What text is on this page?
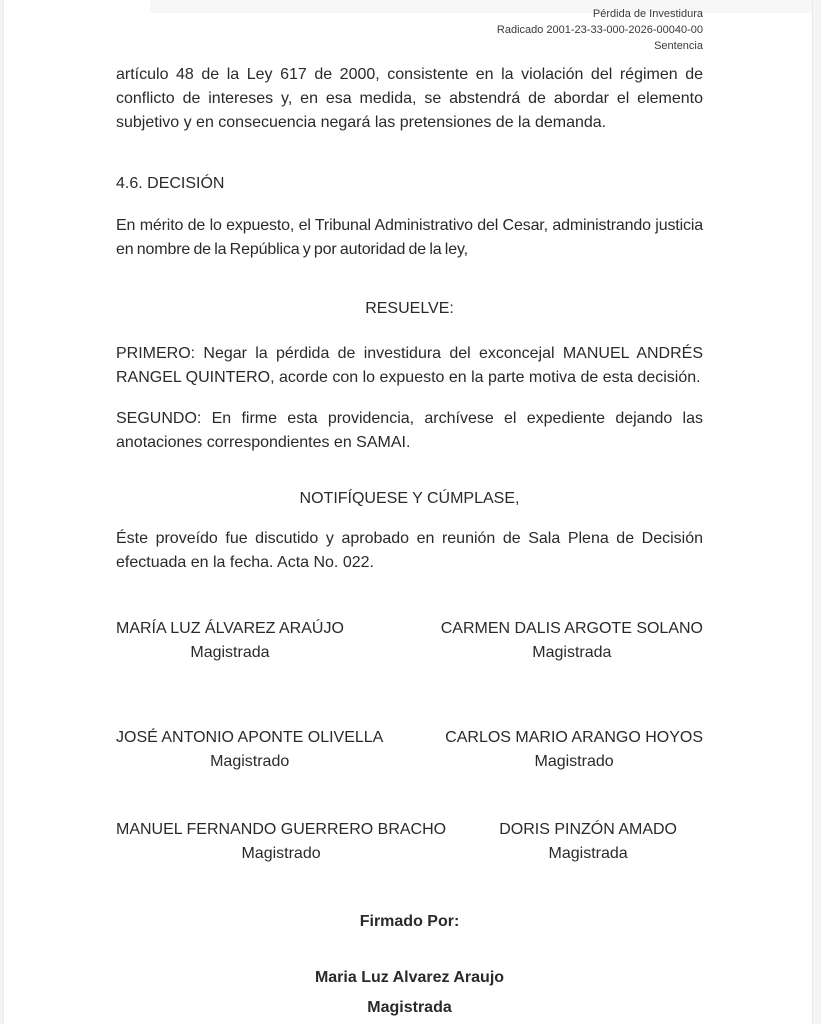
Pérdida de Investidura
Radicado 2001-23-33-000-2026-00040-00
Sentencia

artículo 48 de la Ley 617 de 2000, consistente en la violación del régimen de conflicto de intereses y, en esa medida, se abstendrá de abordar el elemento subjetivo y en consecuencia negará las pretensiones de la demanda.

4.6. DECISIÓN

En mérito de lo expuesto, el Tribunal Administrativo del Cesar, administrando justicia en nombre de la República y por autoridad de la ley,

RESUELVE:

PRIMERO: Negar la pérdida de investidura del exconcejal MANUEL ANDRÉS RANGEL QUINTERO, acorde con lo expuesto en la parte motiva de esta decisión.

SEGUNDO: En firme esta providencia, archívese el expediente dejando las anotaciones correspondientes en SAMAI.

NOTIFÍQUESE Y CÚMPLASE,

Éste proveído fue discutido y aprobado en reunión de Sala Plena de Decisión efectuada en la fecha. Acta No. 022.

MARÍA LUZ ÁLVAREZ ARAÚJO
Magistrada
CARMEN DALIS ARGOTE SOLANO
Magistrada
JOSÉ ANTONIO APONTE OLIVELLA
Magistrado
CARLOS MARIO ARANGO HOYOS
Magistrado
MANUEL FERNANDO GUERRERO BRACHO
Magistrado
DORIS PINZÓN AMADO
Magistrada

Firmado Por:

Maria Luz Alvarez Araujo

Magistrada
